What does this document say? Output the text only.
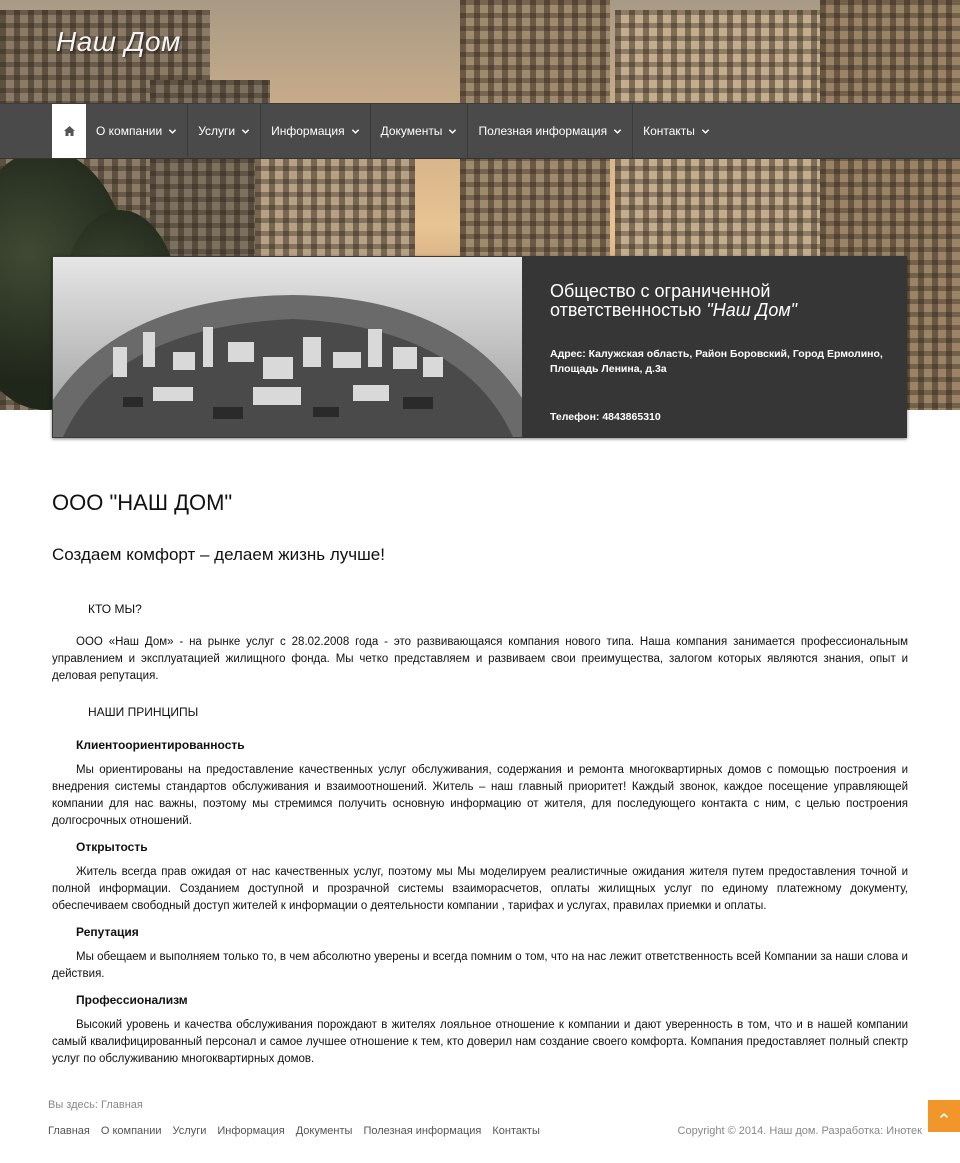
Наш Дом
О компании	Услуги	Информация	Документы	Полезная информация	Контакты
Общество с ограниченной ответственностью "Наш Дом"
Адрес: Калужская область, Район Боровский, Город Ермолино, Площадь Ленина, д.3а
Телефон: 4843865310
ООО "НАШ ДОМ"
Создаем комфорт – делаем жизнь лучше!
КТО МЫ?

ООО «Наш Дом» - на рынке услуг с 28.02.2008 года - это развивающаяся компания нового типа. Наша компания занимается профессиональным управлением и эксплуатацией жилищного фонда. Мы четко представляем и развиваем свои преимущества, залогом которых являются знания, опыт и деловая репутация.

НАШИ ПРИНЦИПЫ

Клиентоориентированность

Мы ориентированы на предоставление качественных услуг обслуживания, содержания и ремонта многоквартирных домов с помощью построения и внедрения системы стандартов обслуживания и взаимоотношений. Житель – наш главный приоритет! Каждый звонок, каждое посещение управляющей компании для нас важны, поэтому мы стремимся получить основную информацию от жителя, для последующего контакта с ним, с целью построения долгосрочных отношений.

Открытость

Житель всегда прав ожидая от нас качественных услуг, поэтому мы Мы моделируем реалистичные ожидания жителя путем предоставления точной и полной информации. Созданием доступной и прозрачной системы взаиморасчетов, оплаты жилищных услуг по единому платежному документу, обеспечиваем свободный доступ жителей к информации о деятельности компании , тарифах и услугах, правилах приемки и оплаты.

Репутация

Мы обещаем и выполняем только то, в чем абсолютно уверены и всегда помним о том, что на нас лежит ответственность всей Компании за наши слова и действия.

Профессионализм

Высокий уровень и качества обслуживания порождают в жителях лояльное отношение к компании и дают уверенность в том, что и в нашей компании самый квалифицированный персонал и самое лучшее отношение к тем, кто доверил нам создание своего комфорта. Компания предоставляет полный спектр услуг по обслуживанию многоквартирных домов.

Вы здесь: Главная
Главная О компании Услуги Информация Документы Полезная информация Контакты	Copyright © 2014. Наш дом. Разработка: Инотек
